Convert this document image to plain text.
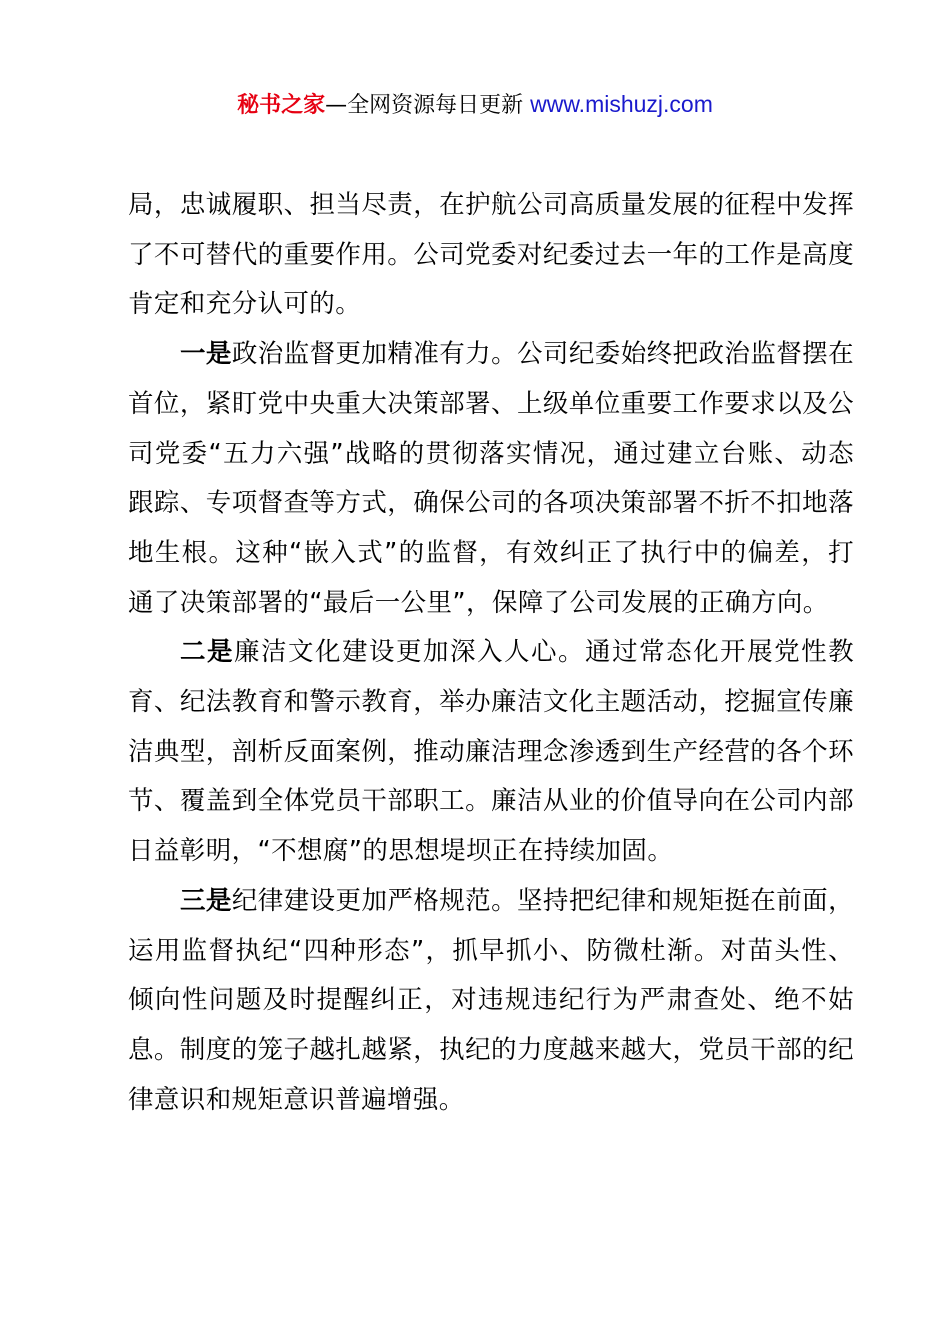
秘书之家—全网资源每日更新 www.mishuzj.com

局，忠诚履职、担当尽责，在护航公司高质量发展的征程中发挥了不可替代的重要作用。公司党委对纪委过去一年的工作是高度肯定和充分认可的。

一是政治监督更加精准有力。公司纪委始终把政治监督摆在首位，紧盯党中央重大决策部署、上级单位重要工作要求以及公司党委“五力六强”战略的贯彻落实情况，通过建立台账、动态跟踪、专项督查等方式，确保公司的各项决策部署不折不扣地落地生根。这种“嵌入式”的监督，有效纠正了执行中的偏差，打通了决策部署的“最后一公里”，保障了公司发展的正确方向。

二是廉洁文化建设更加深入人心。通过常态化开展党性教育、纪法教育和警示教育，举办廉洁文化主题活动，挖掘宣传廉洁典型，剖析反面案例，推动廉洁理念渗透到生产经营的各个环节、覆盖到全体党员干部职工。廉洁从业的价值导向在公司内部日益彰明，“不想腐”的思想堤坝正在持续加固。

三是纪律建设更加严格规范。坚持把纪律和规矩挺在前面，运用监督执纪“四种形态”，抓早抓小、防微杜渐。对苗头性、倾向性问题及时提醒纠正，对违规违纪行为严肃查处、绝不姑息。制度的笼子越扎越紧，执纪的力度越来越大，党员干部的纪律意识和规矩意识普遍增强。
